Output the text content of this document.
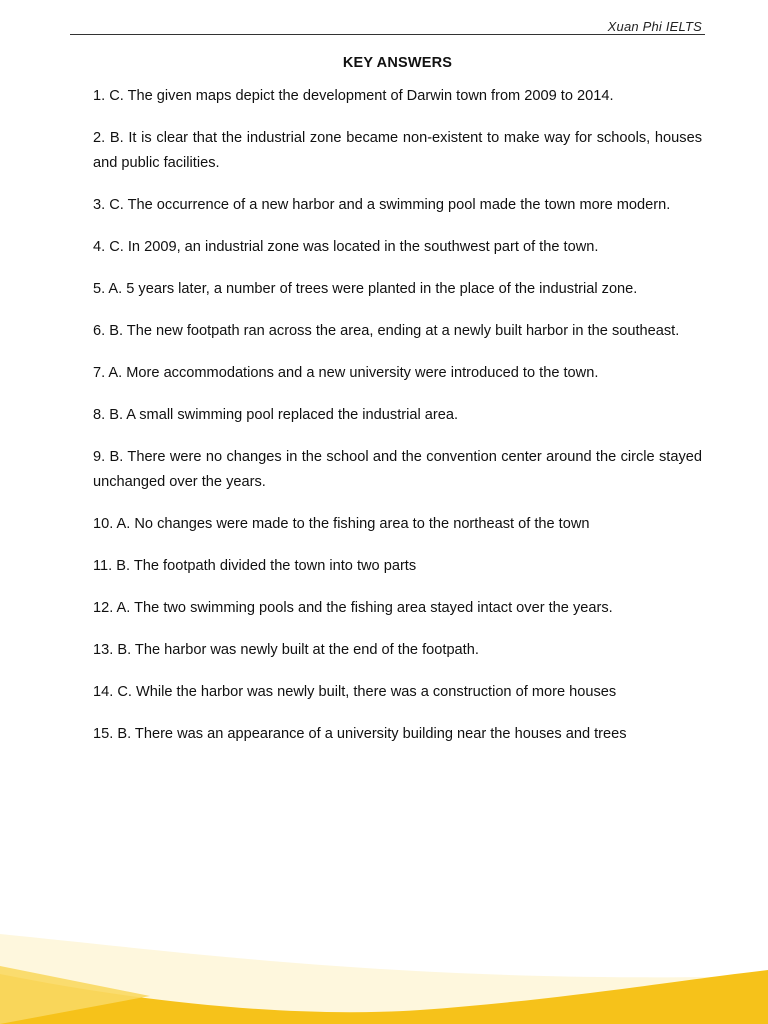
Xuan Phi IELTS
KEY ANSWERS
1. C. The given maps depict the development of Darwin town from 2009 to 2014.
2. B. It is clear that the industrial zone became non-existent to make way for schools, houses and public facilities.
3. C. The occurrence of a new harbor and a swimming pool made the town more modern.
4. C. In 2009, an industrial zone was located in the southwest part of the town.
5. A. 5 years later, a number of trees were planted in the place of the industrial zone.
6. B. The new footpath ran across the area, ending at a newly built harbor in the southeast.
7. A. More accommodations and a new university were introduced to the town.
8. B. A small swimming pool replaced the industrial area.
9. B. There were no changes in the school and the convention center around the circle stayed unchanged over the years.
10. A. No changes were made to the fishing area to the northeast of the town
11. B. The footpath divided the town into two parts
12. A. The two swimming pools and the fishing area stayed intact over the years.
13. B. The harbor was newly built at the end of the footpath.
14. C. While the harbor was newly built, there was a construction of more houses
15. B. There was an appearance of a university building near the houses and trees
